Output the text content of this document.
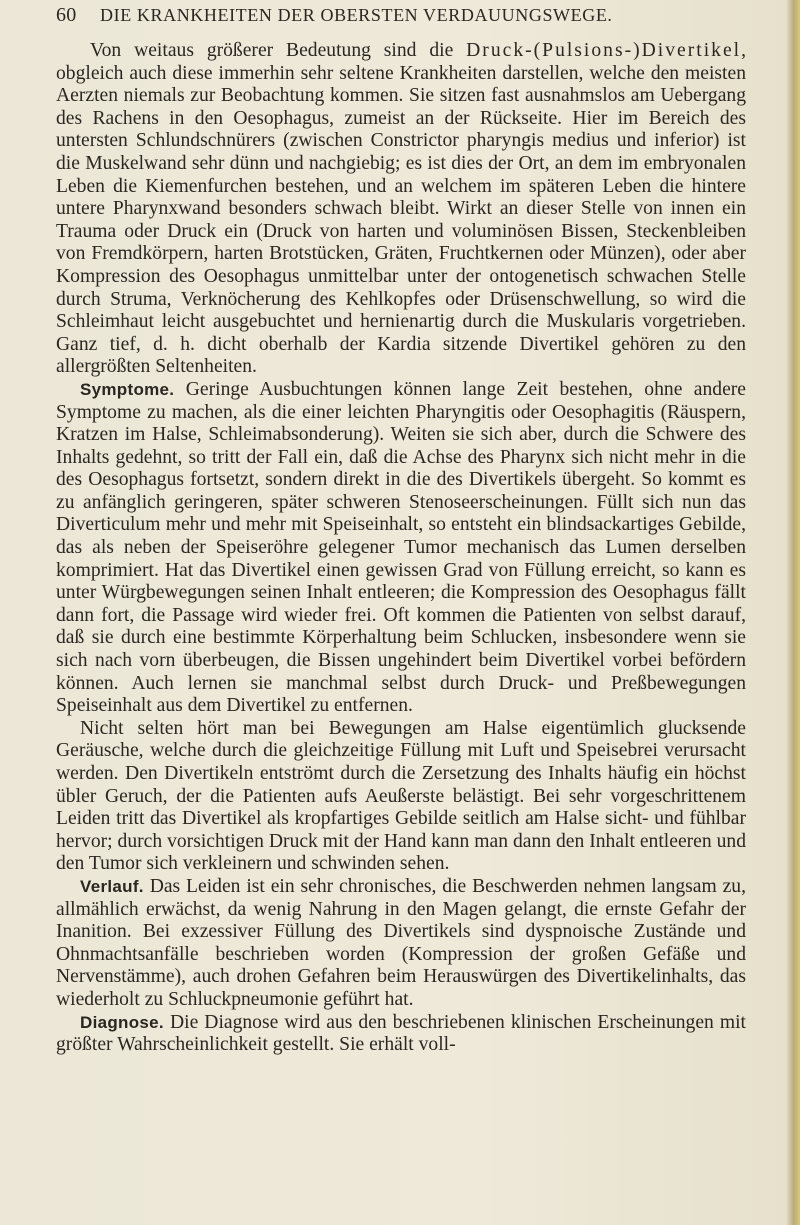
60 DIE KRANKHEITEN DER OBERSTEN VERDAUUNGSWEGE.

Von weitaus größerer Bedeutung sind die Druck-(Pulsions-)Divertikel, obgleich auch diese immerhin sehr seltene Krankheiten darstellen, welche den meisten Aerzten niemals zur Beobachtung kommen. Sie sitzen fast ausnahmslos am Uebergang des Rachens in den Oesophagus, zumeist an der Rückseite. Hier im Bereich des untersten Schlundschnürers (zwischen Constrictor pharyngis medius und inferior) ist die Muskelwand sehr dünn und nachgiebig; es ist dies der Ort, an dem im embryonalen Leben die Kiemenfurchen bestehen, und an welchem im späteren Leben die hintere untere Pharynxwand besonders schwach bleibt. Wirkt an dieser Stelle von innen ein Trauma oder Druck ein (Druck von harten und voluminösen Bissen, Steckenbleiben von Fremdkörpern, harten Brotstücken, Gräten, Fruchtkernen oder Münzen), oder aber Kompression des Oesophagus unmittelbar unter der ontogenetisch schwachen Stelle durch Struma, Verknöcherung des Kehlkopfes oder Drüsenschwellung, so wird die Schleimhaut leicht ausgebuchtet und hernienartig durch die Muskularis vorgetrieben. Ganz tief, d. h. dicht oberhalb der Kardia sitzende Divertikel gehören zu den allergrößten Seltenheiten.

Symptome. Geringe Ausbuchtungen können lange Zeit bestehen, ohne andere Symptome zu machen, als die einer leichten Pharyngitis oder Oesophagitis (Räuspern, Kratzen im Halse, Schleimabsonderung). Weiten sie sich aber, durch die Schwere des Inhalts gedehnt, so tritt der Fall ein, daß die Achse des Pharynx sich nicht mehr in die des Oesophagus fortsetzt, sondern direkt in die des Divertikels übergeht. So kommt es zu anfänglich geringeren, später schweren Stenoseerscheinungen. Füllt sich nun das Diverticulum mehr und mehr mit Speiseinhalt, so entsteht ein blindsackartiges Gebilde, das als neben der Speiseröhre gelegener Tumor mechanisch das Lumen derselben komprimiert. Hat das Divertikel einen gewissen Grad von Füllung erreicht, so kann es unter Würgbewegungen seinen Inhalt entleeren; die Kompression des Oesophagus fällt dann fort, die Passage wird wieder frei. Oft kommen die Patienten von selbst darauf, daß sie durch eine bestimmte Körperhaltung beim Schlucken, insbesondere wenn sie sich nach vorn überbeugen, die Bissen ungehindert beim Divertikel vorbei befördern können. Auch lernen sie manchmal selbst durch Druck- und Preßbewegungen Speiseinhalt aus dem Divertikel zu entfernen.

Nicht selten hört man bei Bewegungen am Halse eigentümlich glucksende Geräusche, welche durch die gleichzeitige Füllung mit Luft und Speisebrei verursacht werden. Den Divertikeln entströmt durch die Zersetzung des Inhalts häufig ein höchst übler Geruch, der die Patienten aufs Aeußerste belästigt. Bei sehr vorgeschrittenem Leiden tritt das Divertikel als kropfartiges Gebilde seitlich am Halse sicht- und fühlbar hervor; durch vorsichtigen Druck mit der Hand kann man dann den Inhalt entleeren und den Tumor sich verkleinern und schwinden sehen.

Verlauf. Das Leiden ist ein sehr chronisches, die Beschwerden nehmen langsam zu, allmählich erwächst, da wenig Nahrung in den Magen gelangt, die ernste Gefahr der Inanition. Bei exzessiver Füllung des Divertikels sind dyspnoische Zustände und Ohnmachtsanfälle beschrieben worden (Kompression der großen Gefäße und Nervenstämme), auch drohen Gefahren beim Herauswürgen des Divertikelinhalts, das wiederholt zu Schluckpneumonie geführt hat.

Diagnose. Die Diagnose wird aus den beschriebenen klinischen Erscheinungen mit größter Wahrscheinlichkeit gestellt. Sie erhält voll-
